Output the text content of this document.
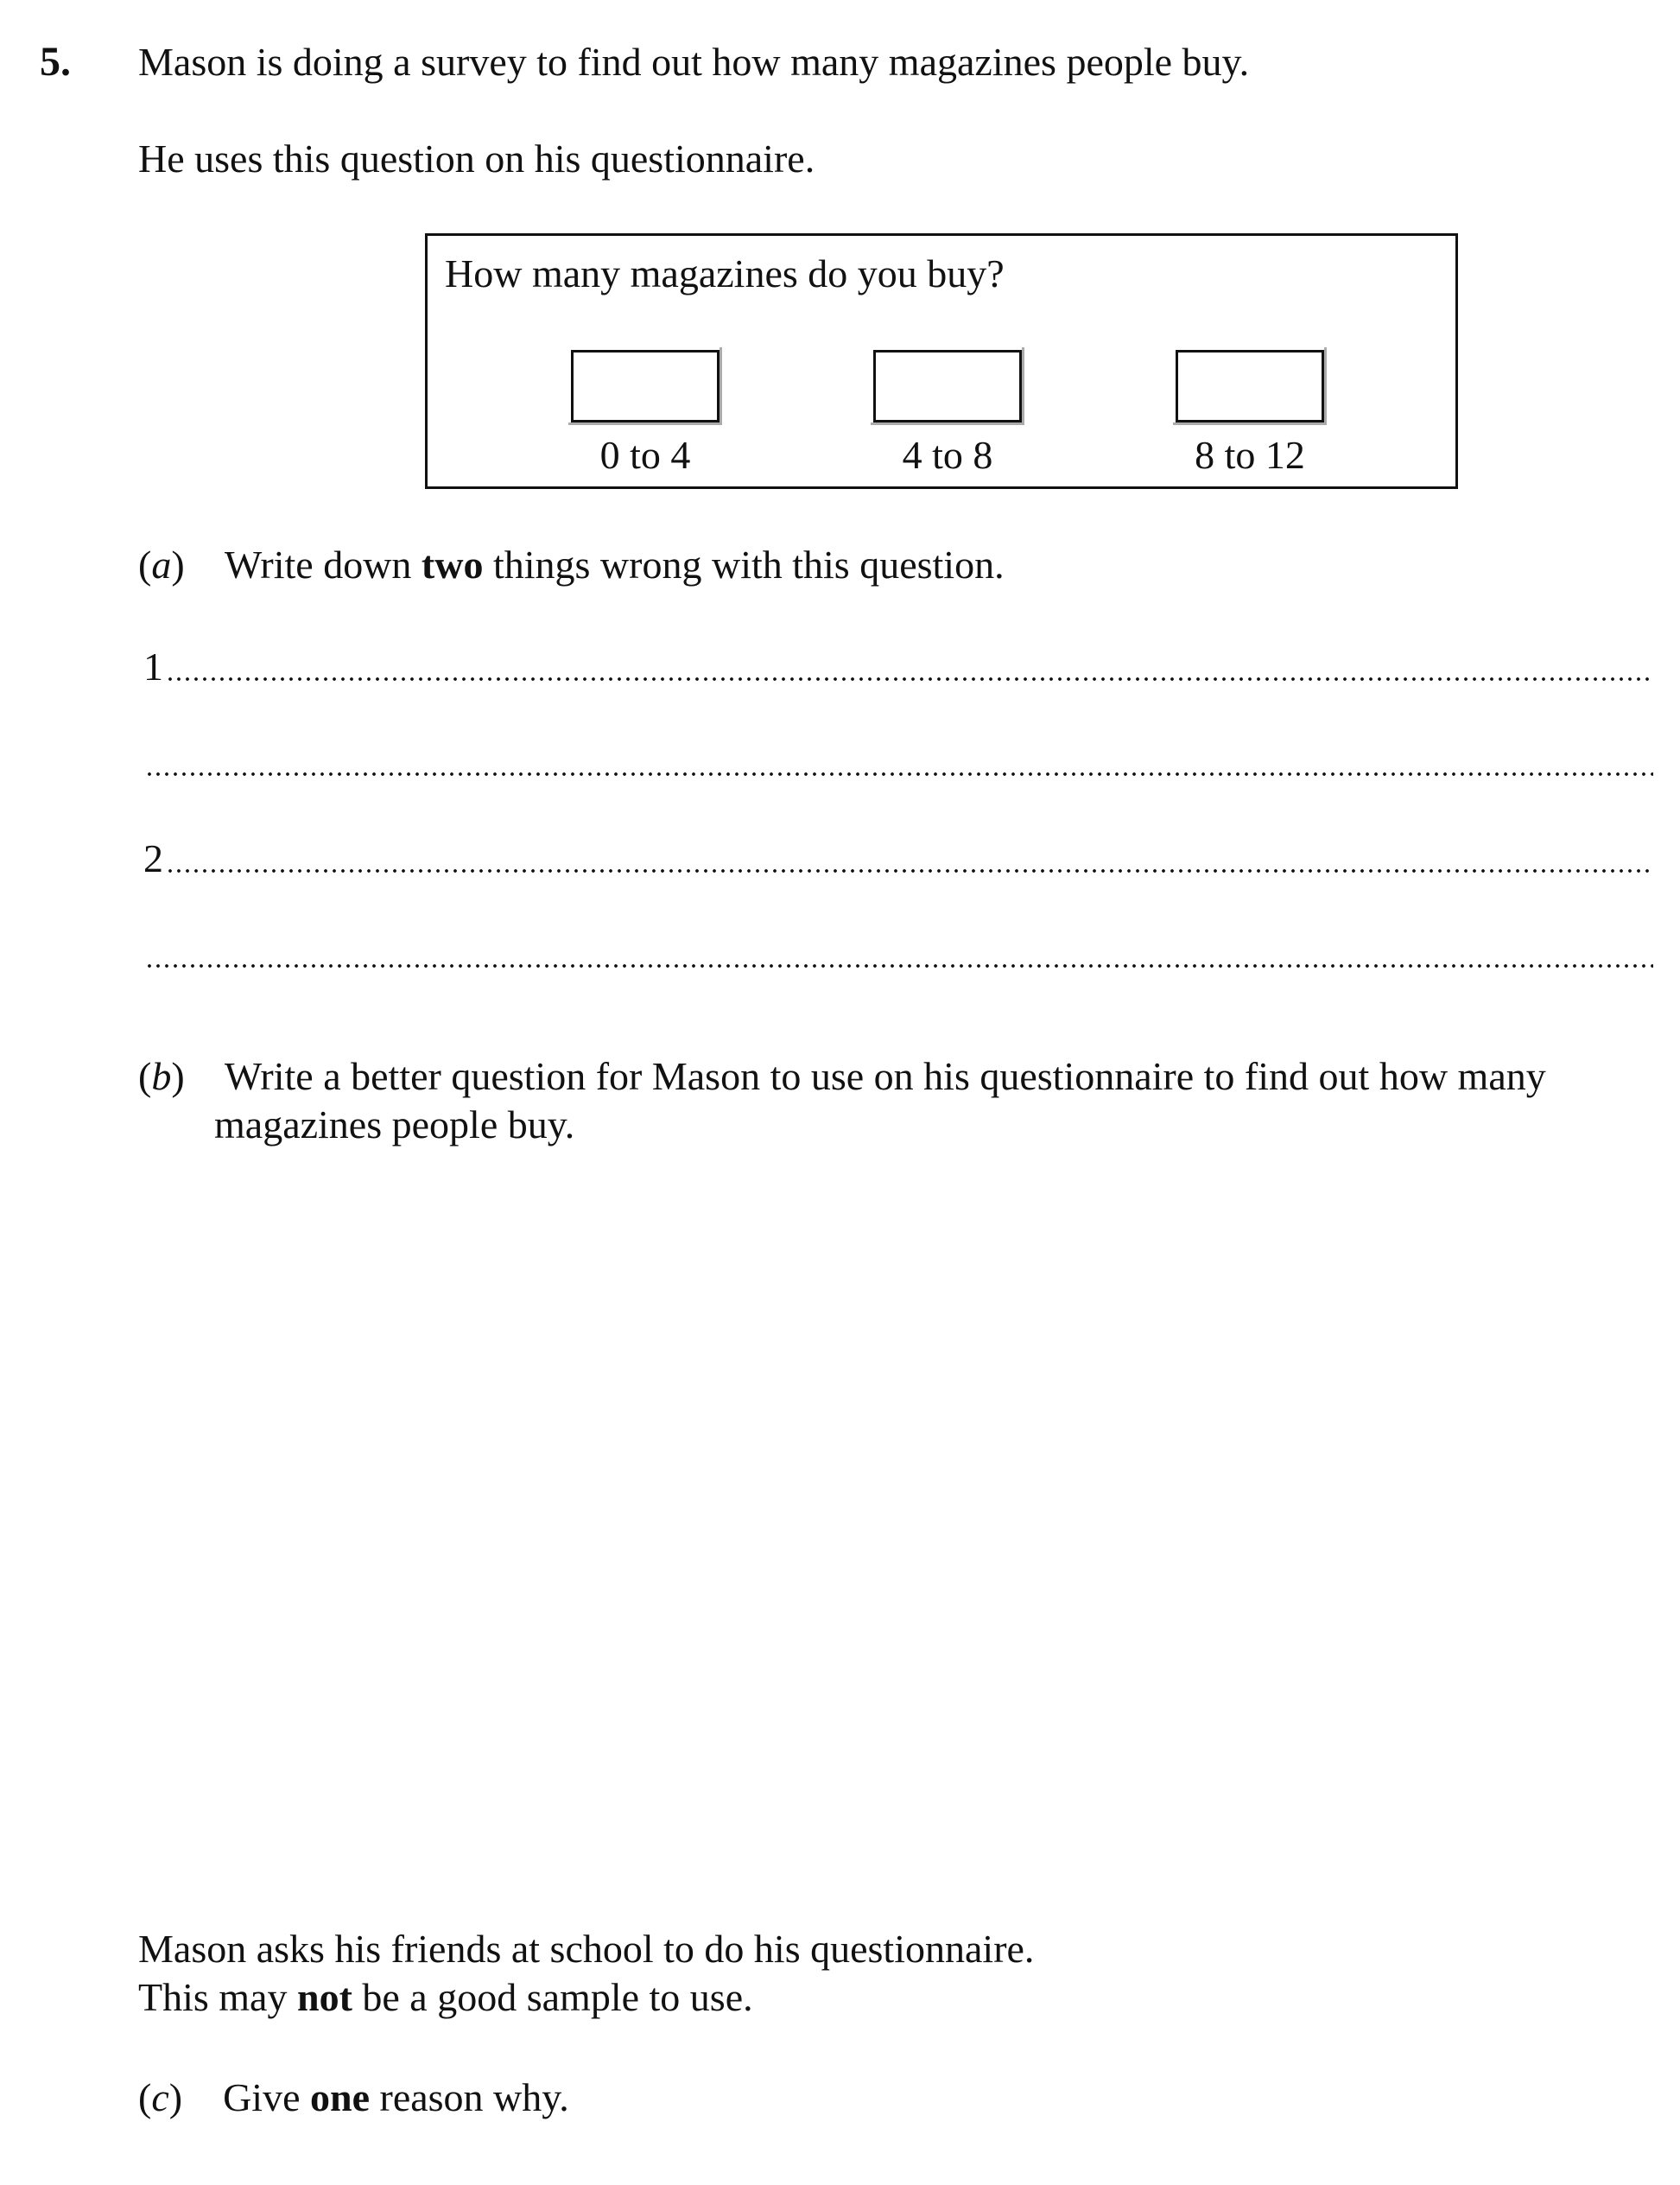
5. Mason is doing a survey to find out how many magazines people buy.
He uses this question on his questionnaire.
How many magazines do you buy?
0 to 4	4 to 8	8 to 12
(a) Write down two things wrong with this question.
1
2
(b) Write a better question for Mason to use on his questionnaire to find out how many
magazines people buy.
Mason asks his friends at school to do his questionnaire.
This may not be a good sample to use.
(c) Give one reason why.
